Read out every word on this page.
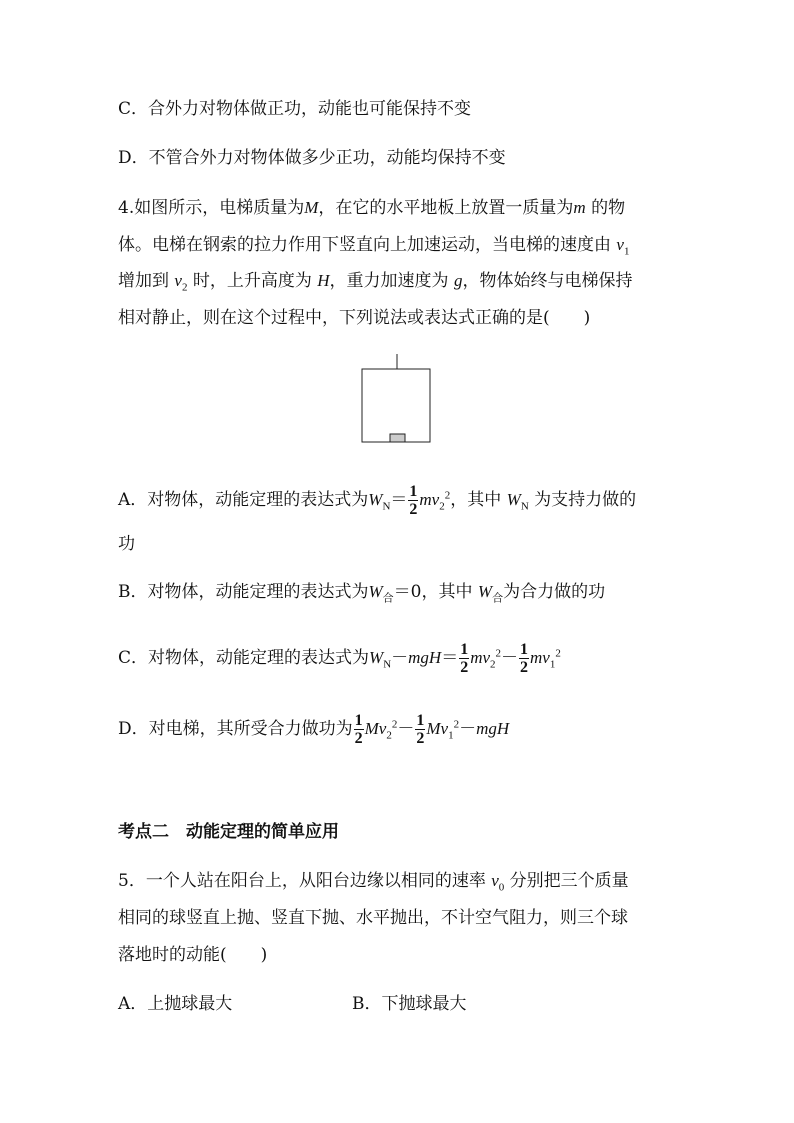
C．合外力对物体做正功，动能也可能保持不变
D．不管合外力对物体做多少正功，动能均保持不变
4.如图所示，电梯质量为M，在它的水平地板上放置一质量为m 的物
体。电梯在钢索的拉力作用下竖直向上加速运动，当电梯的速度由 $v_1$
增加到 $v_2$ 时，上升高度为 H，重力加速度为 g，物体始终与电梯保持
相对静止，则在这个过程中，下列说法或表达式正确的是(　　)
A．对物体，动能定理的表达式为$W_N= \frac{1}{2} mv_2^2$，其中 $W_N$ 为支持力做的
功
B．对物体，动能定理的表达式为$W_合=0$，其中 $W_合$为合力做的功
C．对物体，动能定理的表达式为$W_N-mgH= \frac{1}{2} mv_2^2- \frac{1}{2} mv_1^2$
D．对电梯，其所受合力做功为 $\frac{1}{2} Mv_2^2- \frac{1}{2} Mv_1^2-mgH$
考点二　动能定理的简单应用
5．一个人站在阳台上，从阳台边缘以相同的速率 $v_0$ 分别把三个质量
相同的球竖直上抛、竖直下抛、水平抛出，不计空气阻力，则三个球
落地时的动能(　　)
A．上抛球最大	B．下抛球最大
